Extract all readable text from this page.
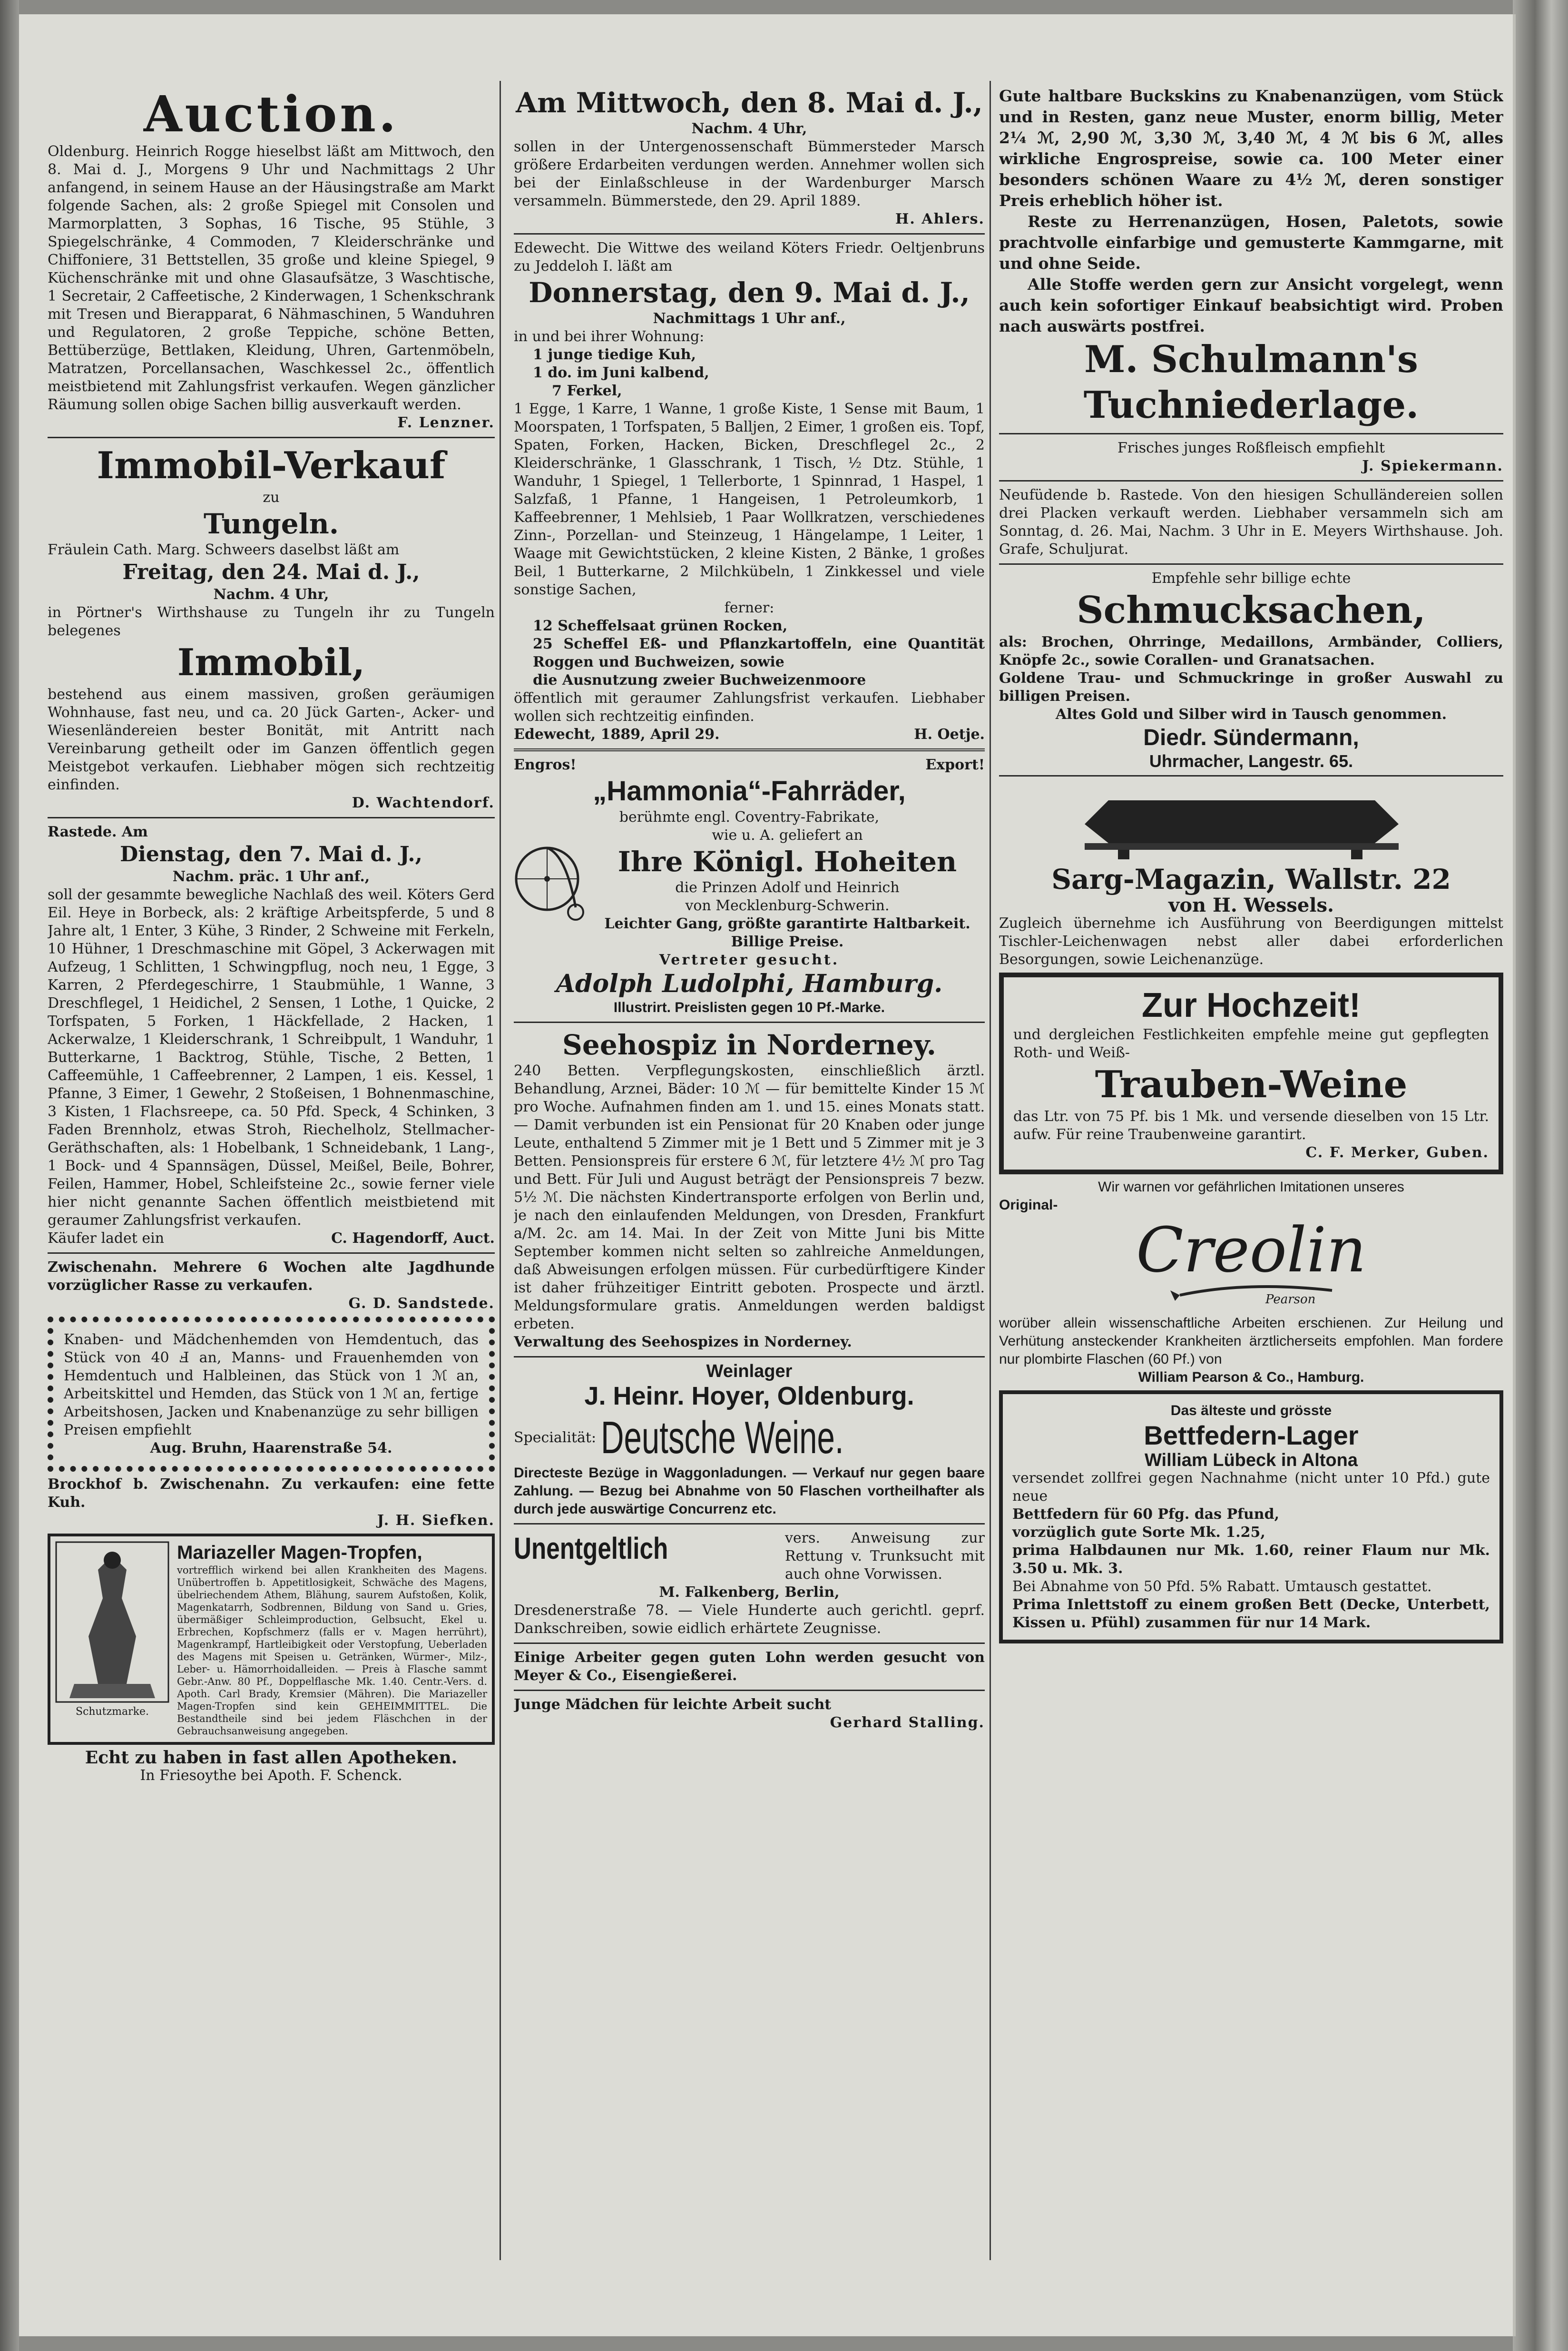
Auction.

Oldenburg. Heinrich Rogge hieselbst läßt am Mittwoch, den 8. Mai d. J., Morgens 9 Uhr und Nachmittags 2 Uhr anfangend, in seinem Hause an der Häusingstraße am Markt folgende Sachen, als: 2 große Spiegel mit Consolen und Marmorplatten, 3 Sophas, 16 Tische, 95 Stühle, 3 Spiegelschränke, 4 Commoden, 7 Kleiderschränke und Chiffoniere, 31 Bettstellen, 35 große und kleine Spiegel, 9 Küchenschränke mit und ohne Glasaufsätze, 3 Waschtische, 1 Secretair, 2 Caffeetische, 2 Kinderwagen, 1 Schenkschrank mit Tresen und Bierapparat, 6 Nähmaschinen, 5 Wanduhren und Regulatoren, 2 große Teppiche, schöne Betten, Bettüberzüge, Bettlaken, Kleidung, Uhren, Gartenmöbeln, Matratzen, Porcellansachen, Waschkessel 2c., öffentlich meistbietend mit Zahlungsfrist verkaufen. Wegen gänzlicher Räumung sollen obige Sachen billig ausverkauft werden.

F. Lenzner.
Immobil-Verkauf
zu
Tungeln.

Fräulein Cath. Marg. Schweers daselbst läßt am

Freitag, den 24. Mai d. J.,
Nachm. 4 Uhr,

in Pörtner's Wirthshause zu Tungeln ihr zu Tungeln belegenes

Immobil,

bestehend aus einem massiven, großen geräumigen Wohnhause, fast neu, und ca. 20 Jück Garten-, Acker- und Wiesenländereien bester Bonität, mit Antritt nach Vereinbarung getheilt oder im Ganzen öffentlich gegen Meistgebot verkaufen. Liebhaber mögen sich rechtzeitig einfinden.

D. Wachtendorf.
Rastede. Am
Dienstag, den 7. Mai d. J.,
Nachm. präc. 1 Uhr anf.,

soll der gesammte bewegliche Nachlaß des weil. Köters Gerd Eil. Heye in Borbeck, als: 2 kräftige Arbeitspferde, 5 und 8 Jahre alt, 1 Enter, 3 Kühe, 3 Rinder, 2 Schweine mit Ferkeln, 10 Hühner, 1 Dreschmaschine mit Göpel, 3 Ackerwagen mit Aufzeug, 1 Schlitten, 1 Schwingpflug, noch neu, 1 Egge, 3 Karren, 2 Pferdegeschirre, 1 Staubmühle, 1 Wanne, 3 Dreschflegel, 1 Heidichel, 2 Sensen, 1 Lothe, 1 Quicke, 2 Torfspaten, 5 Forken, 1 Häckfellade, 2 Hacken, 1 Ackerwalze, 1 Kleiderschrank, 1 Schreibpult, 1 Wanduhr, 1 Butterkarne, 1 Backtrog, Stühle, Tische, 2 Betten, 1 Caffeemühle, 1 Caffeebrenner, 2 Lampen, 1 eis. Kessel, 1 Pfanne, 3 Eimer, 1 Gewehr, 2 Stoßeisen, 1 Bohnenmaschine, 3 Kisten, 1 Flachsreepe, ca. 50 Pfd. Speck, 4 Schinken, 3 Faden Brennholz, etwas Stroh, Riechelholz, Stellmacher-Geräthschaften, als: 1 Hobelbank, 1 Schneidebank, 1 Lang-, 1 Bock- und 4 Spannsägen, Düssel, Meißel, Beile, Bohrer, Feilen, Hammer, Hobel, Schleifsteine 2c., sowie ferner viele hier nicht genannte Sachen öffentlich meistbietend mit geraumer Zahlungsfrist verkaufen.

Käufer ladet ein	C. Hagendorff, Auct.

Zwischenahn. Mehrere 6 Wochen alte Jagdhunde vorzüglicher Rasse zu verkaufen.

G. D. Sandstede.

Knaben- und Mädchenhemden von Hemdentuch, das Stück von 40 Ⅎ an, Manns- und Frauenhemden von Hemdentuch und Halbleinen, das Stück von 1 ℳ an, Arbeitskittel und Hemden, das Stück von 1 ℳ an, fertige Arbeitshosen, Jacken und Knabenanzüge zu sehr billigen Preisen empfiehlt

Aug. Bruhn, Haarenstraße 54.

Brockhof b. Zwischenahn. Zu verkaufen: eine fette Kuh.

J. H. Siefken.
Schutzmarke.
Mariazeller Magen-Tropfen,

vortrefflich wirkend bei allen Krankheiten des Magens. Unübertroffen b. Appetitlosigkeit, Schwäche des Magens, übelriechendem Athem, Blähung, saurem Aufstoßen, Kolik, Magenkatarrh, Sodbrennen, Bildung von Sand u. Gries, übermäßiger Schleimproduction, Gelbsucht, Ekel u. Erbrechen, Kopfschmerz (falls er v. Magen herrührt), Magenkrampf, Hartleibigkeit oder Verstopfung, Ueberladen des Magens mit Speisen u. Getränken, Würmer-, Milz-, Leber- u. Hämorrhoidalleiden. — Preis à Flasche sammt Gebr.-Anw. 80 Pf., Doppelflasche Mk. 1.40. Centr.-Vers. d. Apoth. Carl Brady, Kremsier (Mähren). Die Mariazeller Magen-Tropfen sind kein GEHEIMMITTEL. Die Bestandtheile sind bei jedem Fläschchen in der Gebrauchsanweisung angegeben.

Echt zu haben in fast allen Apotheken.
In Friesoythe bei Apoth. F. Schenck.
Am Mittwoch, den 8. Mai d. J.,
Nachm. 4 Uhr,

sollen in der Untergenossenschaft Bümmersteder Marsch größere Erdarbeiten verdungen werden. Annehmer wollen sich bei der Einlaßschleuse in der Wardenburger Marsch versammeln. Bümmerstede, den 29. April 1889.

H. Ahlers.

Edewecht. Die Wittwe des weiland Köters Friedr. Oeltjenbruns zu Jeddeloh I. läßt am

Donnerstag, den 9. Mai d. J.,
Nachmittags 1 Uhr anf.,
in und bei ihrer Wohnung:
1 junge tiedige Kuh,
1 do. im Juni kalbend,
7 Ferkel,

1 Egge, 1 Karre, 1 Wanne, 1 große Kiste, 1 Sense mit Baum, 1 Moorspaten, 1 Torfspaten, 5 Balljen, 2 Eimer, 1 großen eis. Topf, Spaten, Forken, Hacken, Bicken, Dreschflegel 2c., 2 Kleiderschränke, 1 Glasschrank, 1 Tisch, ½ Dtz. Stühle, 1 Wanduhr, 1 Spiegel, 1 Tellerborte, 1 Spinnrad, 1 Haspel, 1 Salzfaß, 1 Pfanne, 1 Hangeisen, 1 Petroleumkorb, 1 Kaffeebrenner, 1 Mehlsieb, 1 Paar Wollkratzen, verschiedenes Zinn-, Porzellan- und Steinzeug, 1 Hängelampe, 1 Leiter, 1 Waage mit Gewichtstücken, 2 kleine Kisten, 2 Bänke, 1 großes Beil, 1 Butterkarne, 2 Milchkübeln, 1 Zinkkessel und viele sonstige Sachen,

ferner:

12 Scheffelsaat grünen Rocken,

25 Scheffel Eß- und Pflanzkartoffeln, eine Quantität Roggen und Buchweizen, sowie

die Ausnutzung zweier Buchweizenmoore

öffentlich mit geraumer Zahlungsfrist verkaufen. Liebhaber wollen sich rechtzeitig einfinden.

Edewecht, 1889, April 29.	H. Oetje.
Engros!	Export!
„Hammonia“-Fahrräder,
berühmte engl. Coventry-Fabrikate,
wie u. A. geliefert an
Ihre Königl. Hoheiten
die Prinzen Adolf und Heinrich
von Mecklenburg-Schwerin.
Leichter Gang, größte garantirte Haltbarkeit.
Billige Preise.
Vertreter gesucht.
Adolph Ludolphi, Hamburg.
Illustrirt. Preislisten gegen 10 Pf.-Marke.
Seehospiz in Norderney.

240 Betten. Verpflegungskosten, einschließlich ärztl. Behandlung, Arznei, Bäder: 10 ℳ — für bemittelte Kinder 15 ℳ pro Woche. Aufnahmen finden am 1. und 15. eines Monats statt. — Damit verbunden ist ein Pensionat für 20 Knaben oder junge Leute, enthaltend 5 Zimmer mit je 1 Bett und 5 Zimmer mit je 3 Betten. Pensionspreis für erstere 6 ℳ, für letztere 4½ ℳ pro Tag und Bett. Für Juli und August beträgt der Pensionspreis 7 bezw. 5½ ℳ. Die nächsten Kindertransporte erfolgen von Berlin und, je nach den einlaufenden Meldungen, von Dresden, Frankfurt a/M. 2c. am 14. Mai. In der Zeit von Mitte Juni bis Mitte September kommen nicht selten so zahlreiche Anmeldungen, daß Abweisungen erfolgen müssen. Für curbedürftigere Kinder ist daher frühzeitiger Eintritt geboten. Prospecte und ärztl. Meldungsformulare gratis. Anmeldungen werden baldigst erbeten.

Verwaltung des Seehospizes in Norderney.
Weinlager
J. Heinr. Hoyer, Oldenburg.
Specialität: Deutsche Weine.

Directeste Bezüge in Waggonladungen. — Verkauf nur gegen baare Zahlung. — Bezug bei Abnahme von 50 Flaschen vortheilhafter als durch jede auswärtige Concurrenz etc.

Unentgeltlich	vers. Anweisung zur Rettung v. Trunksucht mit auch ohne Vorwissen.

M. Falkenberg, Berlin,

Dresdenerstraße 78. — Viele Hunderte auch gerichtl. geprf. Dankschreiben, sowie eidlich erhärtete Zeugnisse.

Einige Arbeiter gegen guten Lohn werden gesucht von Meyer & Co., Eisengießerei.

Junge Mädchen für leichte Arbeit sucht

Gerhard Stalling.

Gute haltbare Buckskins zu Knabenanzügen, vom Stück und in Resten, ganz neue Muster, enorm billig, Meter 2¼ ℳ, 2,90 ℳ, 3,30 ℳ, 3,40 ℳ, 4 ℳ bis 6 ℳ, alles wirkliche Engrospreise, sowie ca. 100 Meter einer besonders schönen Waare zu 4½ ℳ, deren sonstiger Preis erheblich höher ist.

Reste zu Herrenanzügen, Hosen, Paletots, sowie prachtvolle einfarbige und gemusterte Kammgarne, mit und ohne Seide.

Alle Stoffe werden gern zur Ansicht vorgelegt, wenn auch kein sofortiger Einkauf beabsichtigt wird. Proben nach auswärts postfrei.

M. Schulmann's
Tuchniederlage.
Frisches junges Roßfleisch empfiehlt
J. Spiekermann.

Neufüdende b. Rastede. Von den hiesigen Schulländereien sollen drei Placken verkauft werden. Liebhaber versammeln sich am Sonntag, d. 26. Mai, Nachm. 3 Uhr in E. Meyers Wirthshause. Joh. Grafe, Schuljurat.

Empfehle sehr billige echte
Schmucksachen,

als: Brochen, Ohrringe, Medaillons, Armbänder, Colliers, Knöpfe 2c., sowie Corallen- und Granatsachen.

Goldene Trau- und Schmuckringe in großer Auswahl zu billigen Preisen.

Altes Gold und Silber wird in Tausch genommen.

Diedr. Sündermann,
Uhrmacher, Langestr. 65.
Sarg-Magazin, Wallstr. 22
von H. Wessels.

Zugleich übernehme ich Ausführung von Beerdigungen mittelst Tischler-Leichenwagen nebst aller dabei erforderlichen Besorgungen, sowie Leichenanzüge.

Zur Hochzeit!

und dergleichen Festlichkeiten empfehle meine gut gepflegten Roth- und Weiß-

Trauben-Weine

das Ltr. von 75 Pf. bis 1 Mk. und versende dieselben von 15 Ltr. aufw. Für reine Traubenweine garantirt.

C. F. Merker, Guben.
Wir warnen vor gefährlichen Imitationen unseres
Original-
Creolin
Pearson

worüber allein wissenschaftliche Arbeiten erschienen. Zur Heilung und Verhütung ansteckender Krankheiten ärztlicherseits empfohlen. Man fordere nur plombirte Flaschen (60 Pf.) von

William Pearson & Co., Hamburg.
Das älteste und grösste
Bettfedern-Lager
William Lübeck in Altona

versendet zollfrei gegen Nachnahme (nicht unter 10 Pfd.) gute neue

Bettfedern für 60 Pfg. das Pfund,

vorzüglich gute Sorte Mk. 1.25,

prima Halbdaunen nur Mk. 1.60, reiner Flaum nur Mk. 3.50 u. Mk. 3.

Bei Abnahme von 50 Pfd. 5% Rabatt. Umtausch gestattet.

Prima Inlettstoff zu einem großen Bett (Decke, Unterbett, Kissen u. Pfühl) zusammen für nur 14 Mark.
